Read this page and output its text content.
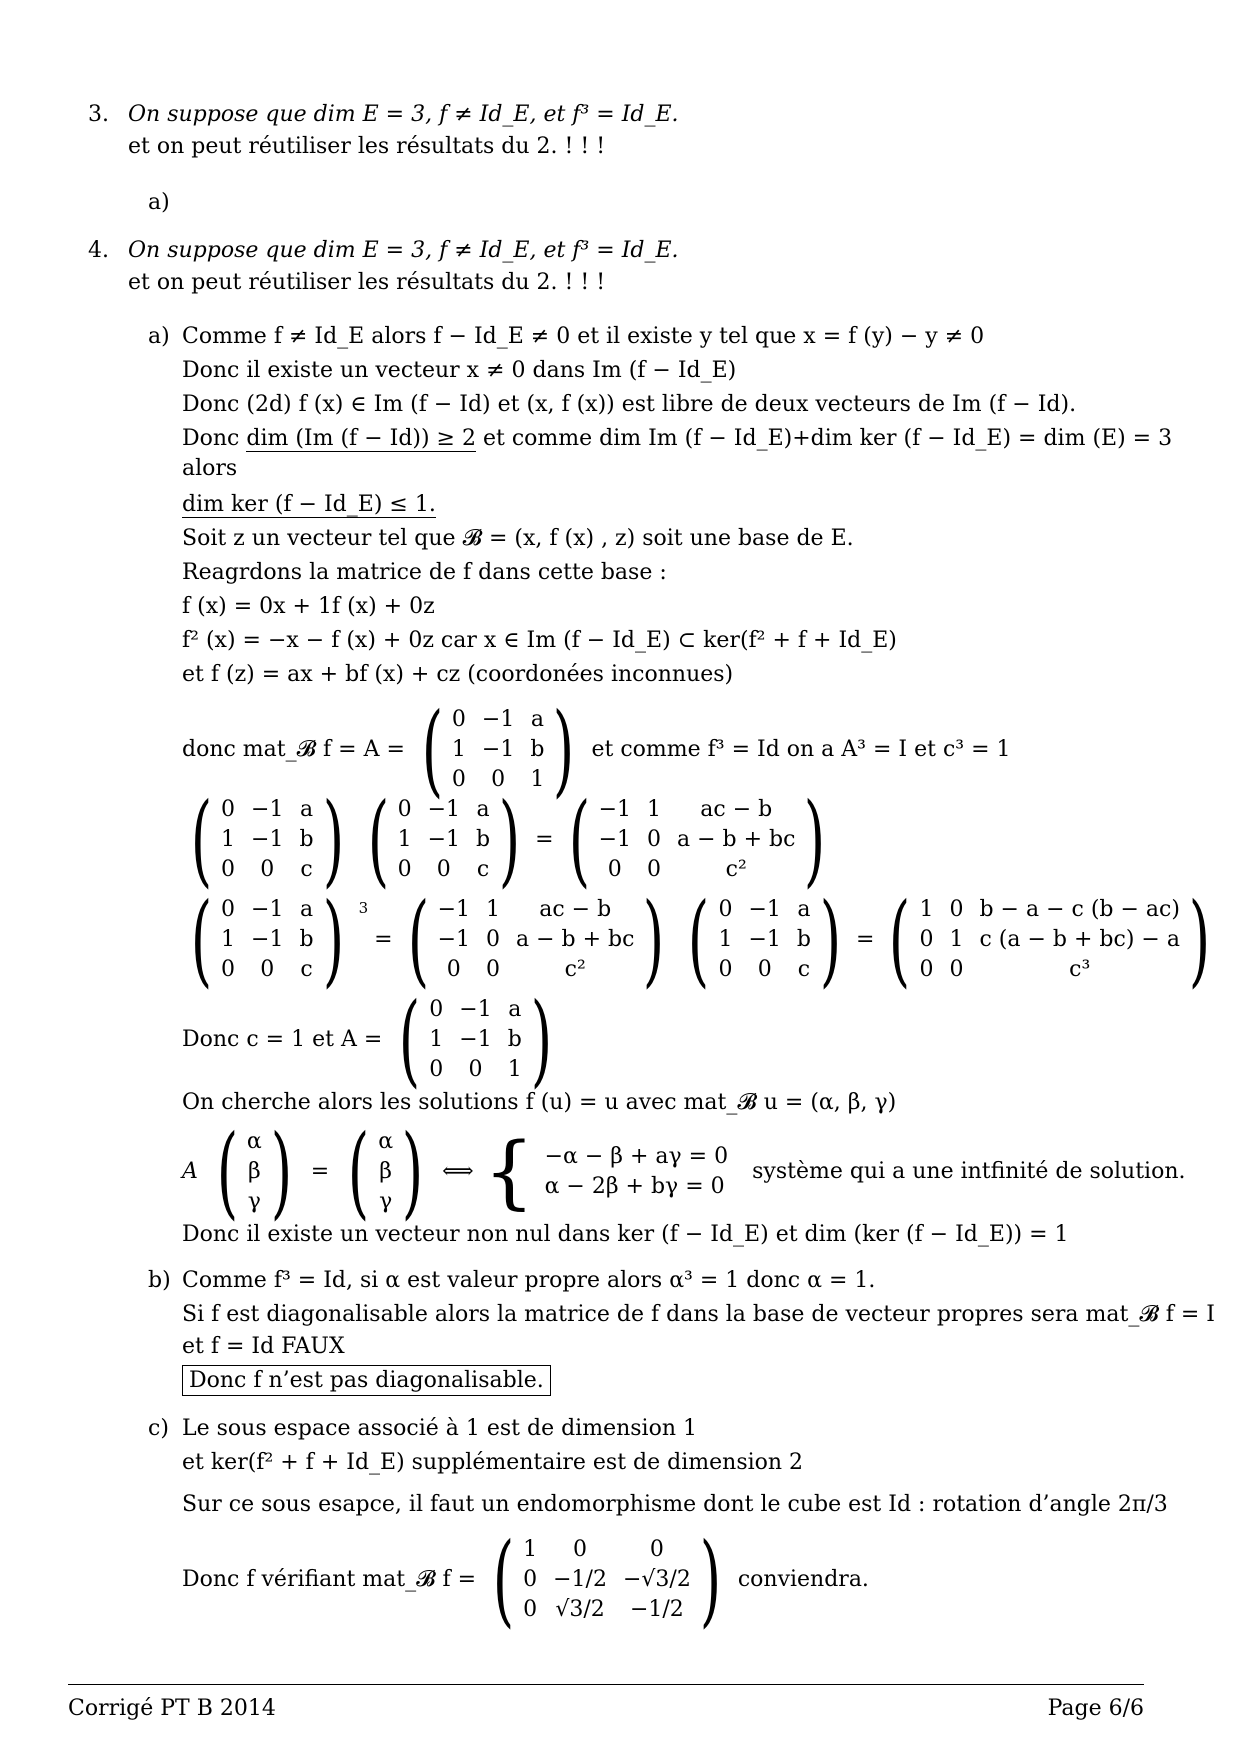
3. On suppose que dim E = 3, f ≠ Id_E, et f³ = Id_E.
et on peut réutiliser les résultats du 2. ! ! !
a)
4. On suppose que dim E = 3, f ≠ Id_E, et f³ = Id_E.
et on peut réutiliser les résultats du 2. ! ! !
a) Comme f ≠ Id_E alors f − Id_E ≠ 0 et il existe y tel que x = f (y) − y ≠ 0
Donc il existe un vecteur x ≠ 0 dans Im (f − Id_E)
Donc (2d) f (x) ∈ Im (f − Id) et (x, f (x)) est libre de deux vecteurs de Im (f − Id).
Donc dim (Im (f − Id)) ≥ 2 et comme dim Im (f − Id_E)+dim ker (f − Id_E) = dim (E) = 3
alors
dim ker (f − Id_E) ≤ 1.
Soit z un vecteur tel que 𝓑 = (x, f (x) , z) soit une base de E.
Reagrdons la matrice de f dans cette base :
f (x) = 0x + 1f (x) + 0z
f² (x) = −x − f (x) + 0z car x ∈ Im (f − Id_E) ⊂ ker(f² + f + Id_E)
et f (z) = ax + bf (x) + cz (coordonées inconnues)
donc mat_𝓑 f = A = ( 0 −1 a
1 −1 b
0	0	1 ) et comme f³ = Id on a A³ = I et c³ = 1
( 0 −1 a
1 −1 b
0	0	c ) ( 0 −1 a
1 −1 b
0	0	c ) = ( −1 1	ac − b
−1 0 a − b + bc
0	0	c² )
( 0 −1 a
1 −1 b
0	0	c ) 3
= ( −1 1	ac − b
−1 0 a − b + bc
0	0	c² ) ( 0 −1 a
1 −1 b
0	0	c ) = ( 1 0 b − a − c (b − ac)
0 1 c (a − b + bc) − a
0 0	c³ )
Donc c = 1 et A = ( 0 −1 a
1 −1 b
0	0	1 )
On cherche alors les solutions f (u) = u avec mat_𝓑 u = (α, β, γ)
A ( α
β
γ ) = ( α
β
γ ) ⟺ { −α − β + aγ = 0
α − 2β + bγ = 0
système qui a une intfinité de solution.
Donc il existe un vecteur non nul dans ker (f − Id_E) et dim (ker (f − Id_E)) = 1
b) Comme f³ = Id, si α est valeur propre alors α³ = 1 donc α = 1.
Si f est diagonalisable alors la matrice de f dans la base de vecteur propres sera mat_𝓑 f = I
et f = Id FAUX
Donc f n’est pas diagonalisable.
c) Le sous espace associé à 1 est de dimension 1
et ker(f² + f + Id_E) supplémentaire est de dimension 2
Sur ce sous esapce, il faut un endomorphisme dont le cube est Id : rotation d’angle 2π/3
Donc f vérifiant mat_𝓑 f = ( 1	0	0
0 −1/2 −√3/2
0 √3/2	−1/2 ) conviendra.
Corrigé PT B 2014	Page 6/6
